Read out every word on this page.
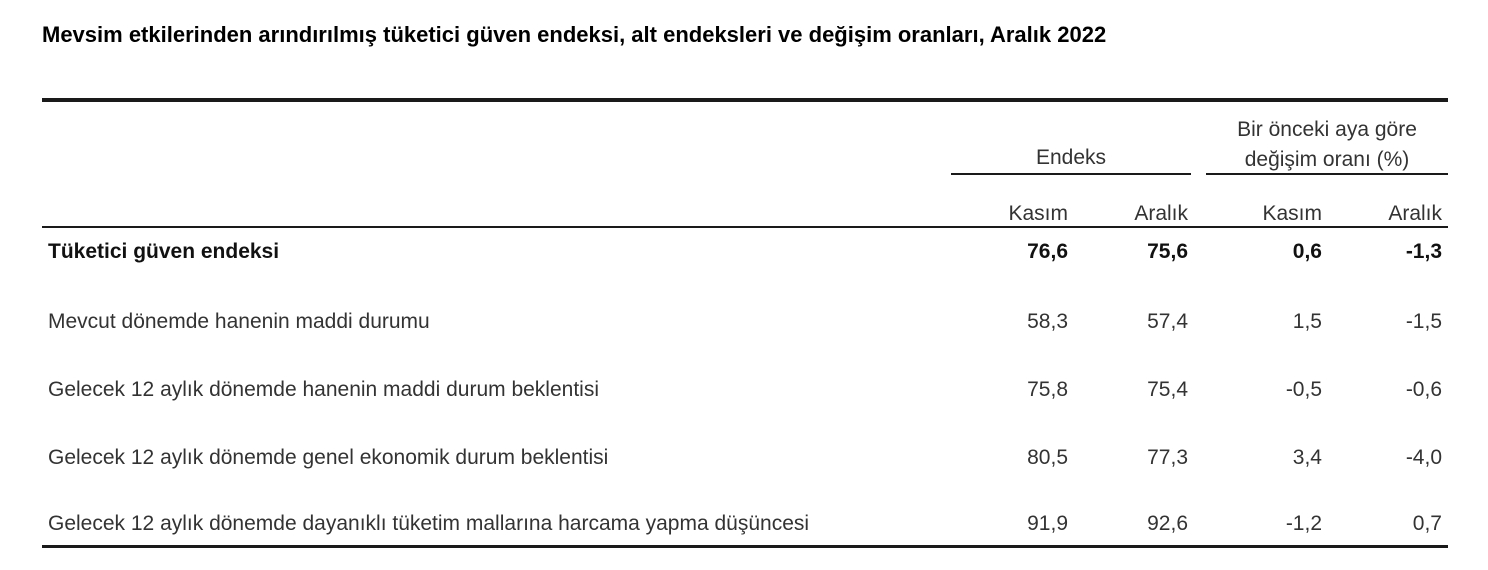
Mevsim etkilerinden arındırılmış tüketici güven endeksi, alt endeksleri ve değişim oranları, Aralık 2022
Endeks
Bir önceki aya göre değişim oranı (%)
Kasım	Aralık	Kasım	Aralık
Tüketici güven endeksi	76,6	75,6	0,6	-1,3
Mevcut dönemde hanenin maddi durumu	58,3	57,4	1,5	-1,5
Gelecek 12 aylık dönemde hanenin maddi durum beklentisi	75,8	75,4	-0,5	-0,6
Gelecek 12 aylık dönemde genel ekonomik durum beklentisi	80,5	77,3	3,4	-4,0
Gelecek 12 aylık dönemde dayanıklı tüketim mallarına harcama yapma düşüncesi	91,9	92,6	-1,2	0,7
